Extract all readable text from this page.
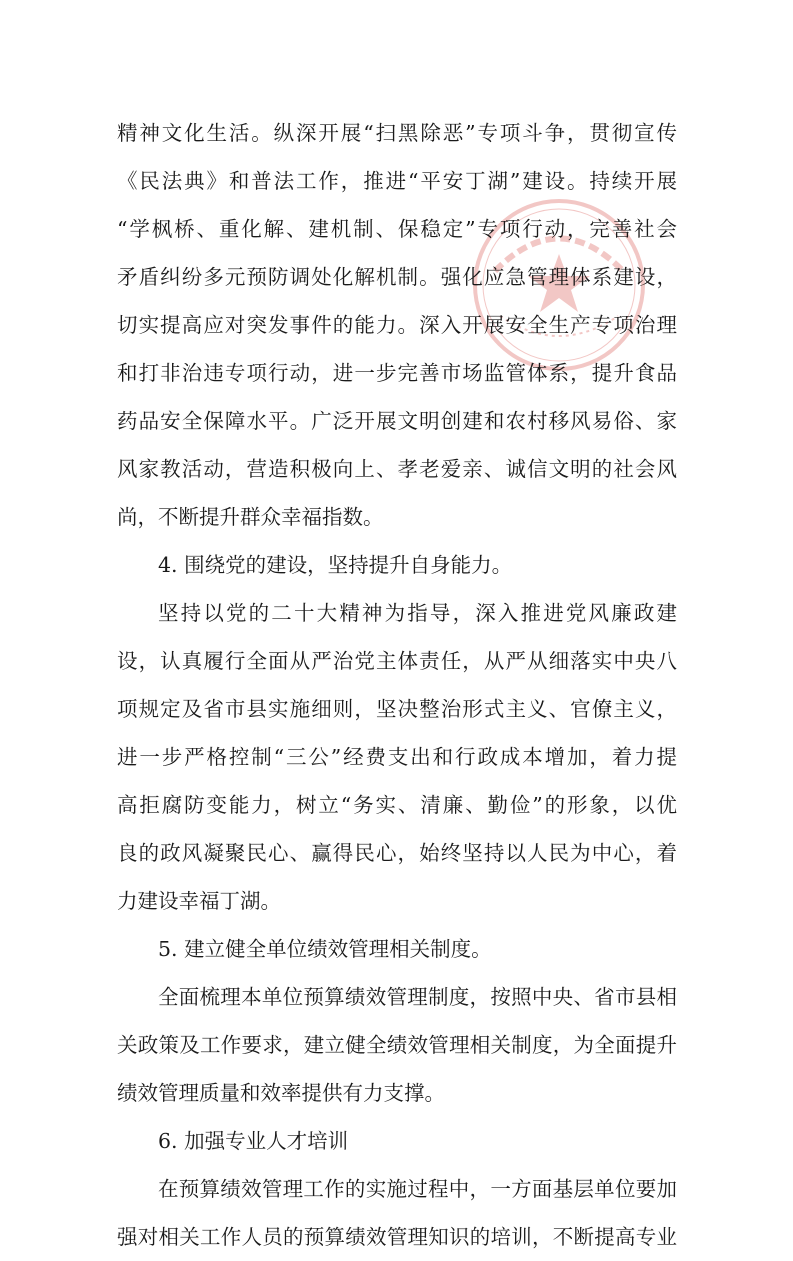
精神文化生活。纵深开展“扫黑除恶”专项斗争，贯彻宣传
《民法典》和普法工作，推进“平安丁湖”建设。持续开展
“学枫桥、重化解、建机制、保稳定”专项行动，完善社会
矛盾纠纷多元预防调处化解机制。强化应急管理体系建设，
切实提高应对突发事件的能力。深入开展安全生产专项治理
和打非治违专项行动，进一步完善市场监管体系，提升食品
药品安全保障水平。广泛开展文明创建和农村移风易俗、家
风家教活动，营造积极向上、孝老爱亲、诚信文明的社会风
尚，不断提升群众幸福指数。
4. 围绕党的建设，坚持提升自身能力。
坚持以党的二十大精神为指导，深入推进党风廉政建
设，认真履行全面从严治党主体责任，从严从细落实中央八
项规定及省市县实施细则，坚决整治形式主义、官僚主义，
进一步严格控制“三公”经费支出和行政成本增加，着力提
高拒腐防变能力，树立“务实、清廉、勤俭”的形象，以优
良的政风凝聚民心、赢得民心，始终坚持以人民为中心，着
力建设幸福丁湖。
5. 建立健全单位绩效管理相关制度。
全面梳理本单位预算绩效管理制度，按照中央、省市县相
关政策及工作要求，建立健全绩效管理相关制度，为全面提升
绩效管理质量和效率提供有力支撑。
6. 加强专业人才培训
在预算绩效管理工作的实施过程中，一方面基层单位要加
强对相关工作人员的预算绩效管理知识的培训，不断提高专业
